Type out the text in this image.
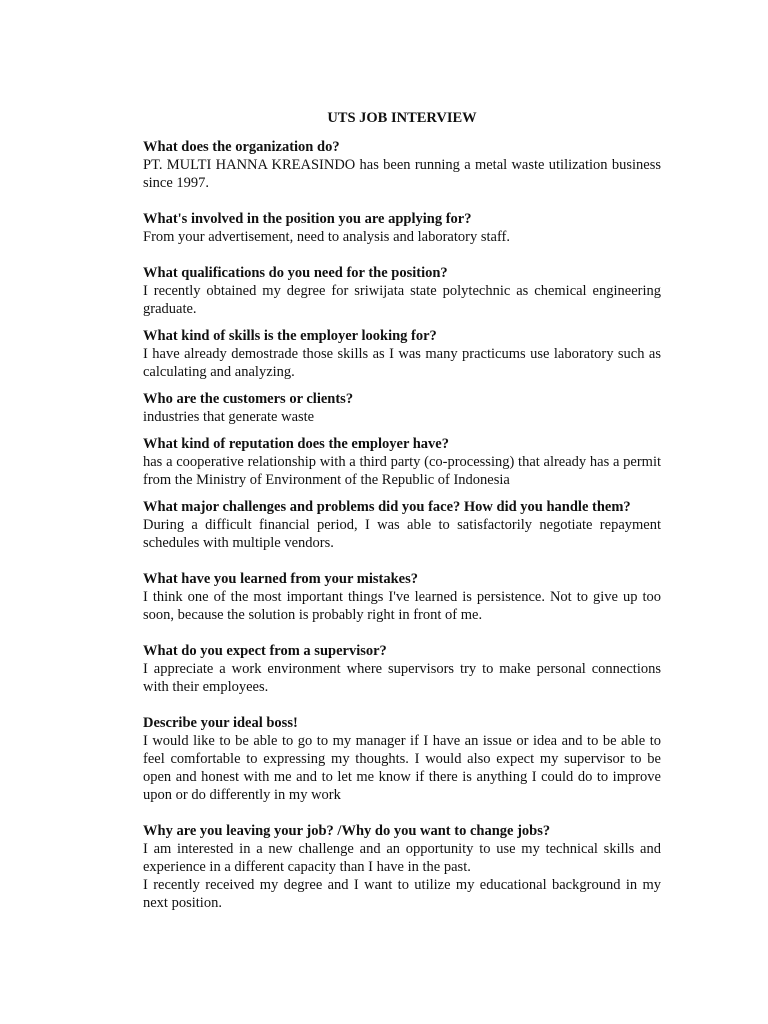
UTS JOB INTERVIEW
What does the organization do?

PT. MULTI HANNA KREASINDO has been running a metal waste utilization business since 1997.

What's involved in the position you are applying for?

From your advertisement, need to analysis and laboratory staff.

What qualifications do you need for the position?

I recently obtained my degree for sriwijata state polytechnic as chemical engineering graduate.

What kind of skills is the employer looking for?

I have already demostrade those skills as I was many practicums use laboratory such as calculating and analyzing.

Who are the customers or clients?

industries that generate waste

What kind of reputation does the employer have?

has a cooperative relationship with a third party (co-processing) that already has a permit from the Ministry of Environment of the Republic of Indonesia

What major challenges and problems did you face? How did you handle them?

During a difficult financial period, I was able to satisfactorily negotiate repayment schedules with multiple vendors.

What have you learned from your mistakes?

I think one of the most important things I've learned is persistence. Not to give up too soon, because the solution is probably right in front of me.

What do you expect from a supervisor?

I appreciate a work environment where supervisors try to make personal connections with their employees.

Describe your ideal boss!

I would like to be able to go to my manager if I have an issue or idea and to be able to feel comfortable to expressing my thoughts. I would also expect my supervisor to be open and honest with me and to let me know if there is anything I could do to improve upon or do differently in my work

Why are you leaving your job? /Why do you want to change jobs?

I am interested in a new challenge and an opportunity to use my technical skills and experience in a different capacity than I have in the past.

I recently received my degree and I want to utilize my educational background in my next position.
